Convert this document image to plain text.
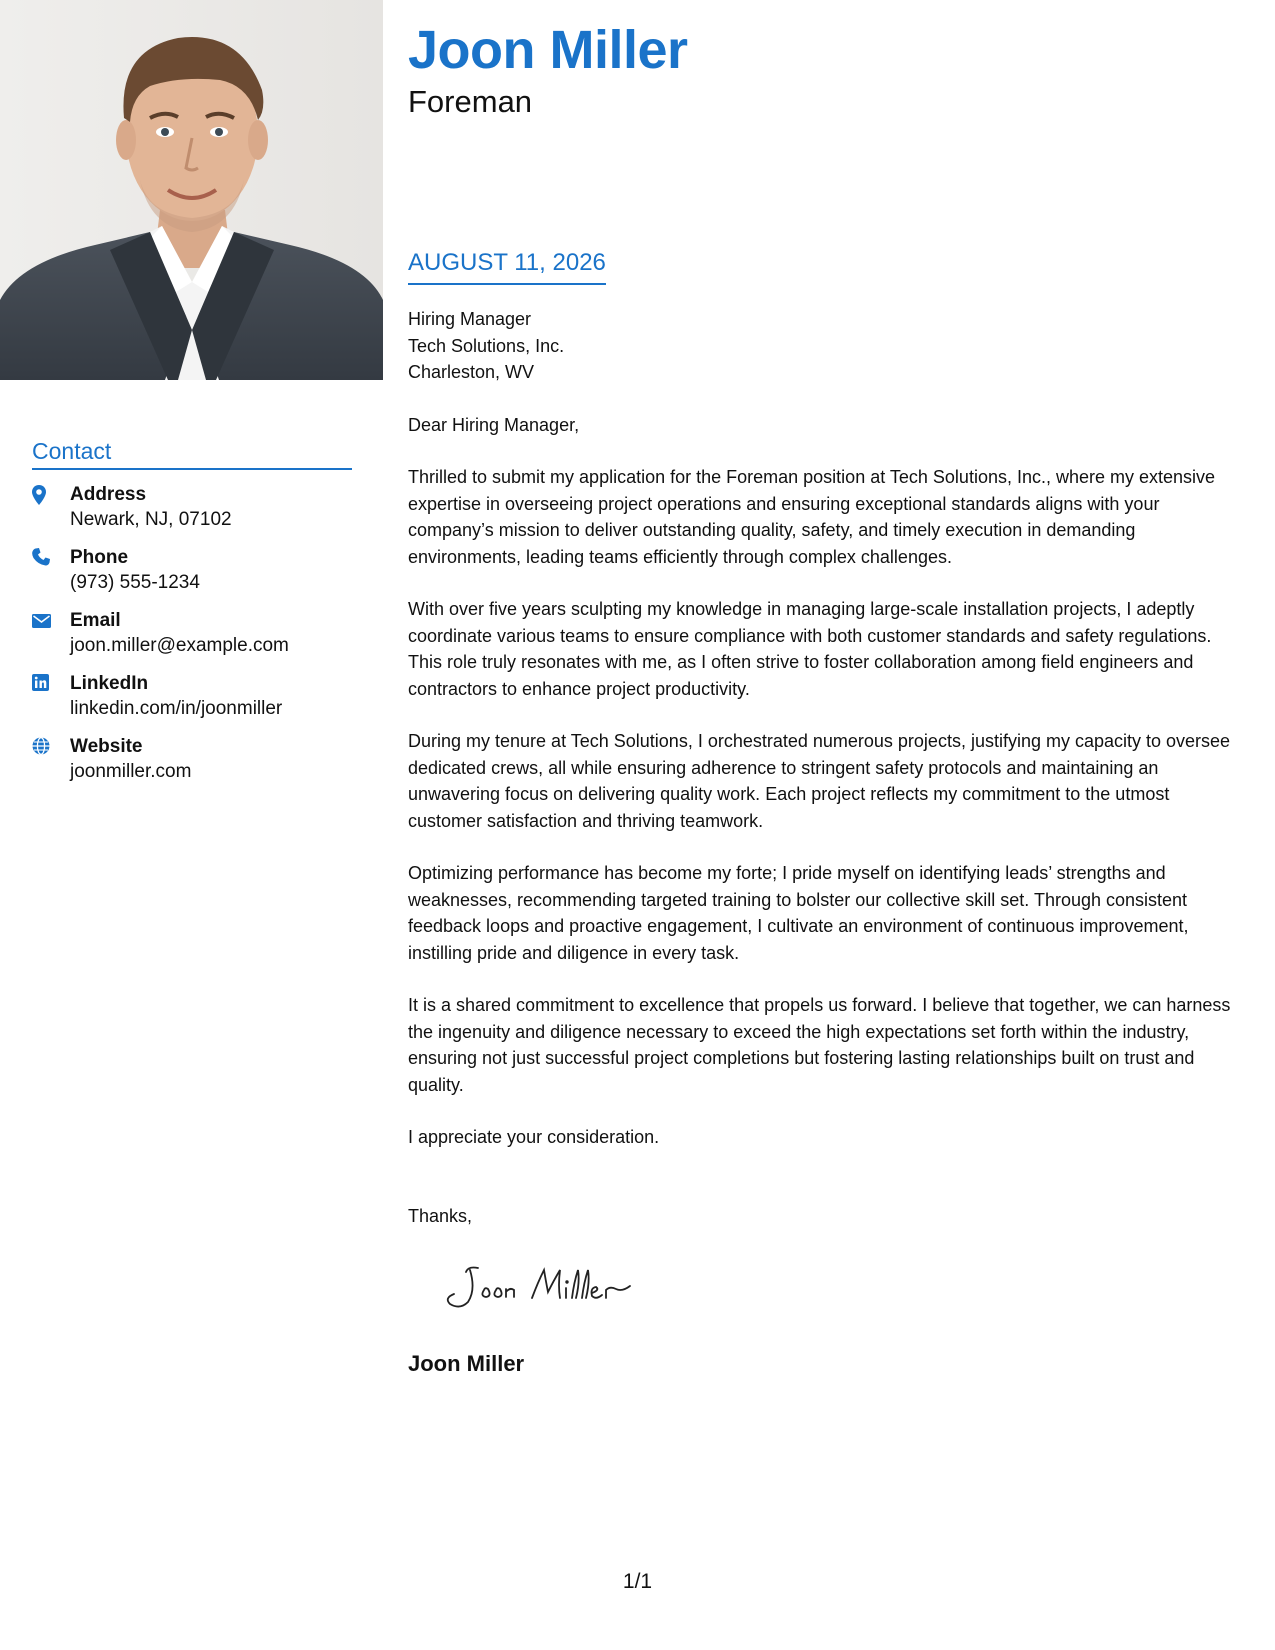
Contact
Address
Newark, NJ, 07102
Phone
(973) 555-1234
Email
joon.miller@example.com
LinkedIn
linkedin.com/in/joonmiller
Website
joonmiller.com
Joon Miller
Foreman
AUGUST 11, 2026
Hiring Manager
Tech Solutions, Inc.
Charleston, WV
Dear Hiring Manager,
Thrilled to submit my application for the Foreman position at Tech Solutions, Inc., where my extensive expertise in overseeing project operations and ensuring exceptional standards aligns with your company’s mission to deliver outstanding quality, safety, and timely execution in demanding environments, leading teams efficiently through complex challenges.
With over five years sculpting my knowledge in managing large-scale installation projects, I adeptly coordinate various teams to ensure compliance with both customer standards and safety regulations. This role truly resonates with me, as I often strive to foster collaboration among field engineers and contractors to enhance project productivity.
During my tenure at Tech Solutions, I orchestrated numerous projects, justifying my capacity to oversee dedicated crews, all while ensuring adherence to stringent safety protocols and maintaining an unwavering focus on delivering quality work. Each project reflects my commitment to the utmost customer satisfaction and thriving teamwork.
Optimizing performance has become my forte; I pride myself on identifying leads’ strengths and weaknesses, recommending targeted training to bolster our collective skill set. Through consistent feedback loops and proactive engagement, I cultivate an environment of continuous improvement, instilling pride and diligence in every task.
It is a shared commitment to excellence that propels us forward. I believe that together, we can harness the ingenuity and diligence necessary to exceed the high expectations set forth within the industry, ensuring not just successful project completions but fostering lasting relationships built on trust and quality.
I appreciate your consideration.
Thanks,
Joon Miller
1/1
